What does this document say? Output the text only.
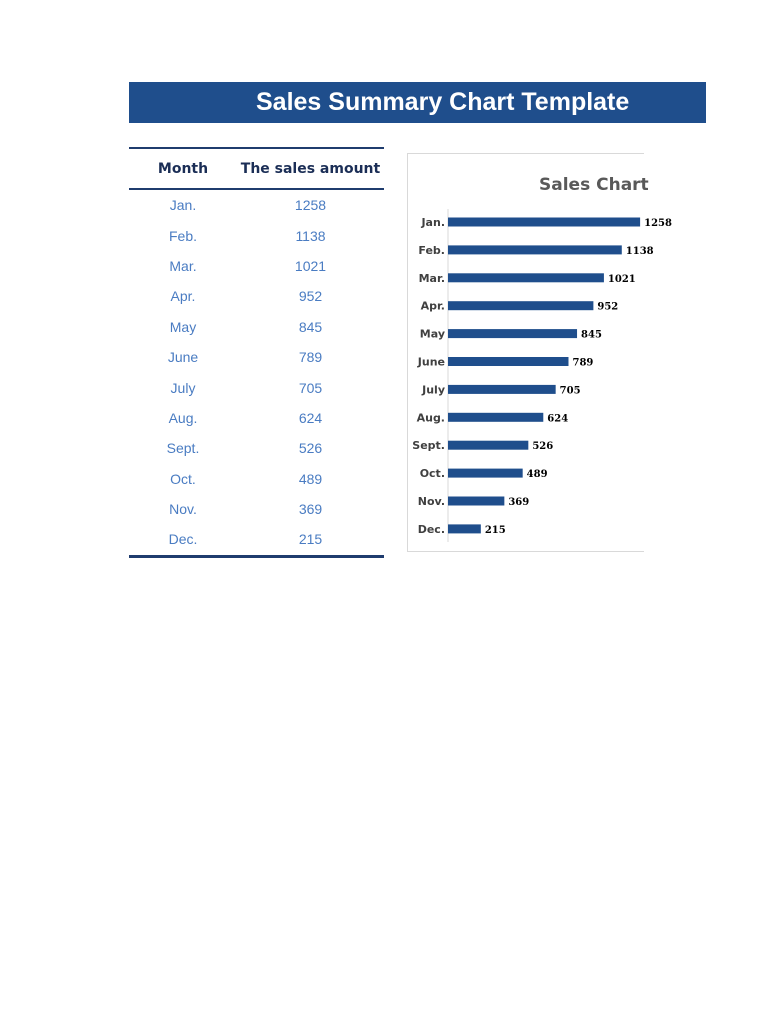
Sales Summary Chart Template
Month	The sales amount
Jan.	1258
Feb.	1138
Mar.	1021
Apr.	952
May	845
June	789
July	705
Aug.	624
Sept.	526
Oct.	489
Nov.	369
Dec.	215
Sales Chart
Jan.	1258
Feb.	1138
Mar.	1021
Apr.	952
May	845
June	789
July	705
Aug.	624
Sept.	526
Oct.	489
Nov.	369
Dec.	215
